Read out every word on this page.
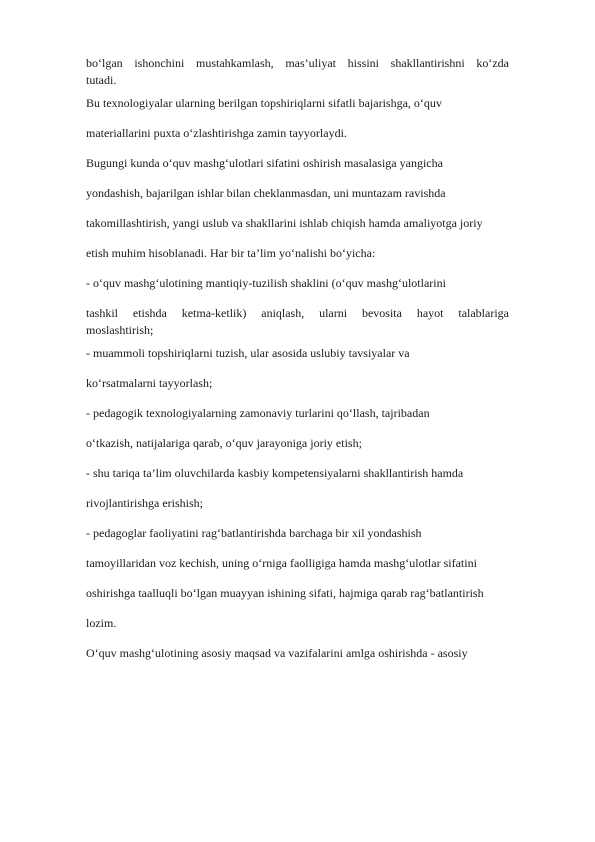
bo‘lgan ishonchini mustahkamlash, mas’uliyat hissini shakllantirishni ko‘zda
tutadi.
Bu texnologiyalar ularning berilgan topshiriqlarni sifatli bajarishga, o‘quv
materiallarini puxta o‘zlashtirishga zamin tayyorlaydi.
Bugungi kunda o‘quv mashg‘ulotlari sifatini oshirish masalasiga yangicha
yondashish, bajarilgan ishlar bilan cheklanmasdan, uni muntazam ravishda
takomillashtirish, yangi uslub va shakllarini ishlab chiqish hamda amaliyotga joriy
etish muhim hisoblanadi. Har bir ta’lim yo‘nalishi bo‘yicha:
- o‘quv mashg‘ulotining mantiqiy-tuzilish shaklini (o‘quv mashg‘ulotlarini
tashkil etishda ketma-ketlik) aniqlash, ularni bevosita hayot talablariga
moslashtirish;
- muammoli topshiriqlarni tuzish, ular asosida uslubiy tavsiyalar va
ko‘rsatmalarni tayyorlash;
- pedagogik texnologiyalarning zamonaviy turlarini qo‘llash, tajribadan
o‘tkazish, natijalariga qarab, o‘quv jarayoniga joriy etish;
- shu tariqa ta’lim oluvchilarda kasbiy kompetensiyalarni shakllantirish hamda
rivojlantirishga erishish;
- pedagoglar faoliyatini rag‘batlantirishda barchaga bir xil yondashish
tamoyillaridan voz kechish, uning o‘rniga faolligiga hamda mashg‘ulotlar sifatini
oshirishga taalluqli bo‘lgan muayyan ishining sifati, hajmiga qarab rag‘batlantirish
lozim.
O‘quv mashg‘ulotining asosiy maqsad va vazifalarini amlga oshirishda - asosiy
